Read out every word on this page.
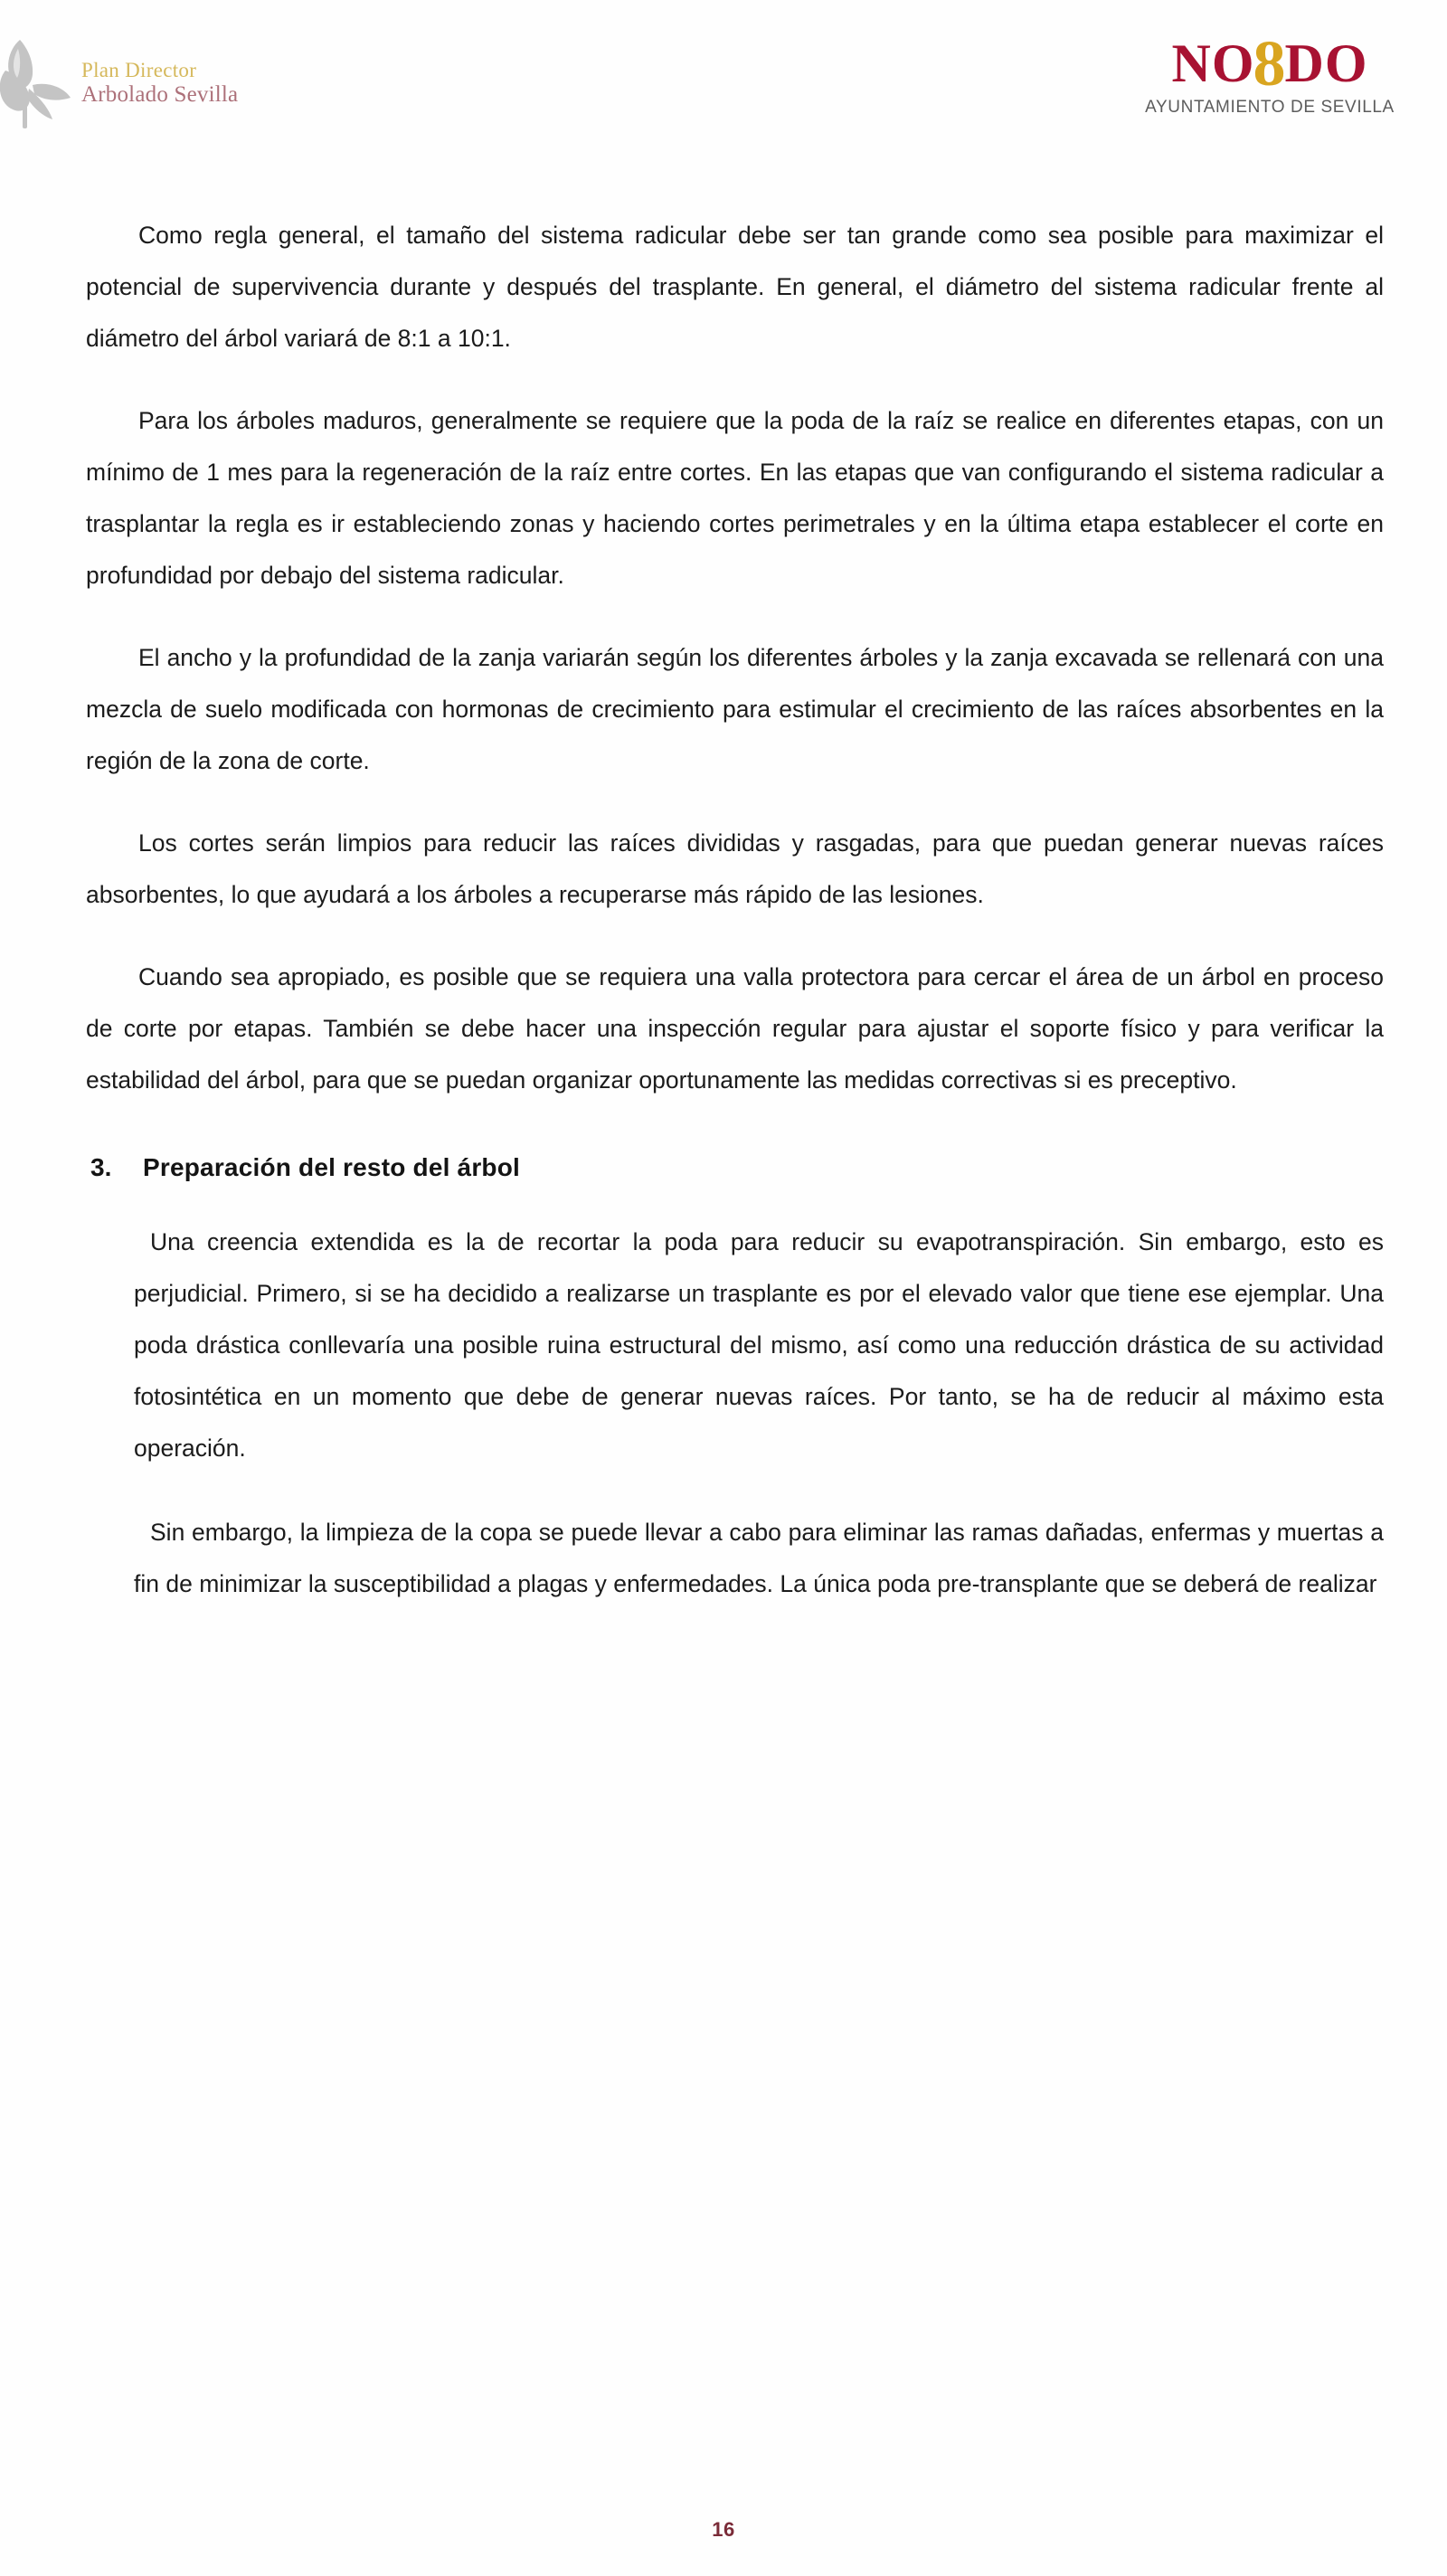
Plan Director
Arbolado Sevilla
NO8DO
AYUNTAMIENTO DE SEVILLA

Como regla general, el tamaño del sistema radicular debe ser tan grande como sea posible para maximizar el potencial de supervivencia durante y después del trasplante. En general, el diámetro del sistema radicular frente al diámetro del árbol variará de 8:1 a 10:1.

Para los árboles maduros, generalmente se requiere que la poda de la raíz se realice en diferentes etapas, con un mínimo de 1 mes para la regeneración de la raíz entre cortes. En las etapas que van configurando el sistema radicular a trasplantar la regla es ir estableciendo zonas y haciendo cortes perimetrales y en la última etapa establecer el corte en profundidad por debajo del sistema radicular.

El ancho y la profundidad de la zanja variarán según los diferentes árboles y la zanja excavada se rellenará con una mezcla de suelo modificada con hormonas de crecimiento para estimular el crecimiento de las raíces absorbentes en la región de la zona de corte.

Los cortes serán limpios para reducir las raíces divididas y rasgadas, para que puedan generar nuevas raíces absorbentes, lo que ayudará a los árboles a recuperarse más rápido de las lesiones.

Cuando sea apropiado, es posible que se requiera una valla protectora para cercar el área de un árbol en proceso de corte por etapas. También se debe hacer una inspección regular para ajustar el soporte físico y para verificar la estabilidad del árbol, para que se puedan organizar oportunamente las medidas correctivas si es preceptivo.

3.	Preparación del resto del árbol

Una creencia extendida es la de recortar la poda para reducir su evapotranspiración. Sin embargo, esto es perjudicial. Primero, si se ha decidido a realizarse un trasplante es por el elevado valor que tiene ese ejemplar. Una poda drástica conllevaría una posible ruina estructural del mismo, así como una reducción drástica de su actividad fotosintética en un momento que debe de generar nuevas raíces. Por tanto, se ha de reducir al máximo esta operación.

Sin embargo, la limpieza de la copa se puede llevar a cabo para eliminar las ramas dañadas, enfermas y muertas a fin de minimizar la susceptibilidad a plagas y enfermedades. La única poda pre-transplante que se deberá de realizar

16
